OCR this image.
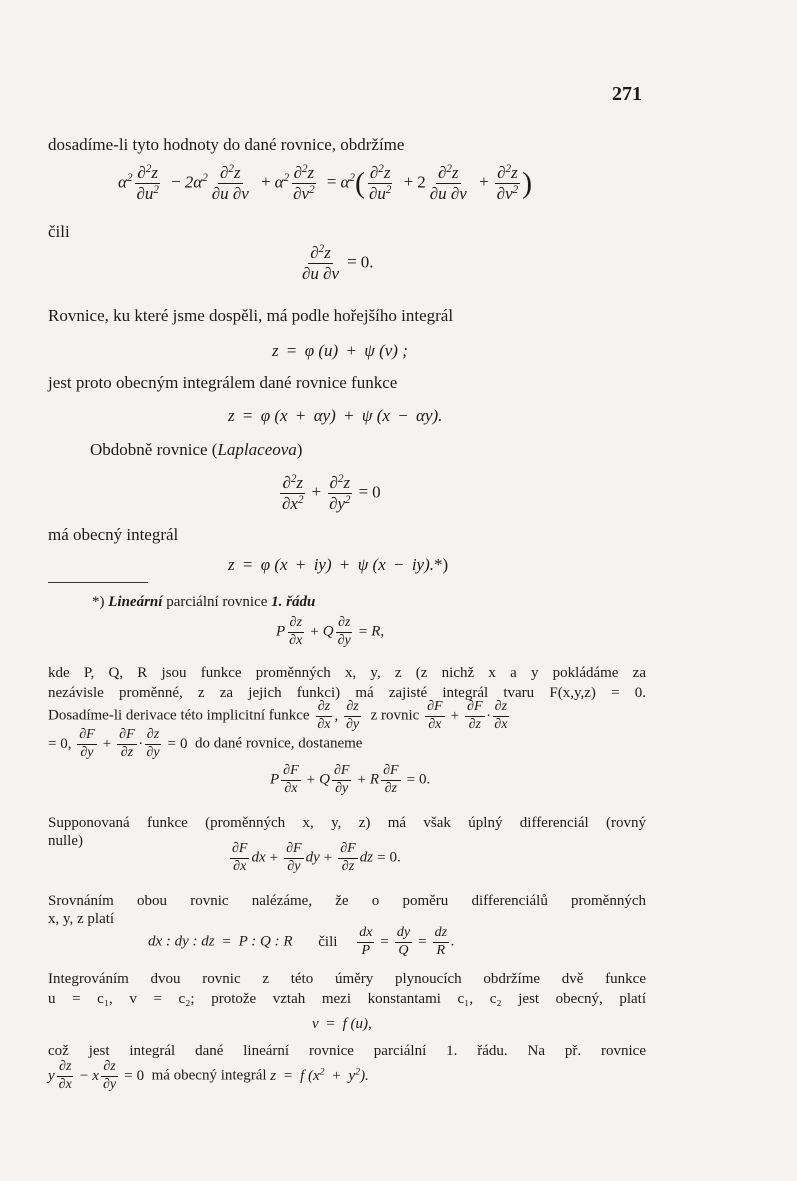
271
dosadíme-li tyto hodnoty do dané rovnice, obdržíme
$\alpha^2 \frac{\partial^2z}{\partial u^2} - 2\alpha^2 \frac{\partial^2z}{\partial u \partial v} + \alpha^2 \frac{\partial^2z}{\partial v^2} = \alpha^2( \frac{\partial^2z}{\partial u^2} + 2 \frac{\partial^2z}{\partial u \partial v} + \frac{\partial^2z}{\partial v^2}$ )
čili
$\frac{\partial^2z}{\partial u \partial v} = 0$.
Rovnice, ku které jsme dospěli, má podle hořejšího integrál
z = φ (u) + ψ (v) ;
jest proto obecným integrálem dané rovnice funkce
z = φ (x + αy) + ψ (x − αy).
Obdobně rovnice (Laplaceova)
$\frac{\partial^2z}{\partial x^2} + \frac{\partial^2z}{\partial y^2} = 0$
má obecný integrál
z = φ (x + iy) + ψ (x − iy).*)
*) Lineární parciální rovnice 1. řádu
P $\frac{\partial z}{\partial x} + Q \frac{\partial z}{\partial y} = R$,
kde P, Q, R jsou funkce proměnných x, y, z (z nichž x a y pokládáme za
nezávisle proměnné, z za jejich funkci) má zajisté integrál tvaru F(x,y,z) = 0.
Dosadíme-li derivace této implicitní funkce $\frac{\partial z}{\partial x}$ , $\frac{\partial z}{\partial y}$ z rovnic $\frac{\partial F}{\partial x} + \frac{\partial F}{\partial z} \cdot \frac{\partial z}{\partial x}$
= 0, $\frac{\partial F}{\partial y} + \frac{\partial F}{\partial z} \cdot \frac{\partial z}{\partial y} = 0$ do dané rovnice, dostaneme
P $\frac{\partial F}{\partial x} + Q \frac{\partial F}{\partial y} + R \frac{\partial F}{\partial z} = 0$.
Supponovaná funkce (proměnných x, y, z) má však úplný differenciál (rovný
nulle)
$\frac{\partial F}{\partial x}$ dx + $\frac{\partial F}{\partial y}$ dy + $\frac{\partial F}{\partial z}$ dz = 0.
Srovnáním obou rovnic nalézáme, že o poměru differenciálů proměnných
x, y, z platí
dx : dy : dz = P : Q : R čili $\frac{dx}{P} = \frac{dy}{Q} = \frac{dz}{R}$ .
Integrováním dvou rovnic z této úměry plynoucích obdržíme dvě funkce
u = c₁, v = c₂; protože vztah mezi konstantami c₁, c₂ jest obecný, platí
v = f (u),
což jest integrál dané lineární rovnice parciální 1. řádu. Na př. rovnice
y $\frac{\partial z}{\partial x} - x \frac{\partial z}{\partial y} = 0$ má obecný integrál z = f $(x^2 + y^2)$.
